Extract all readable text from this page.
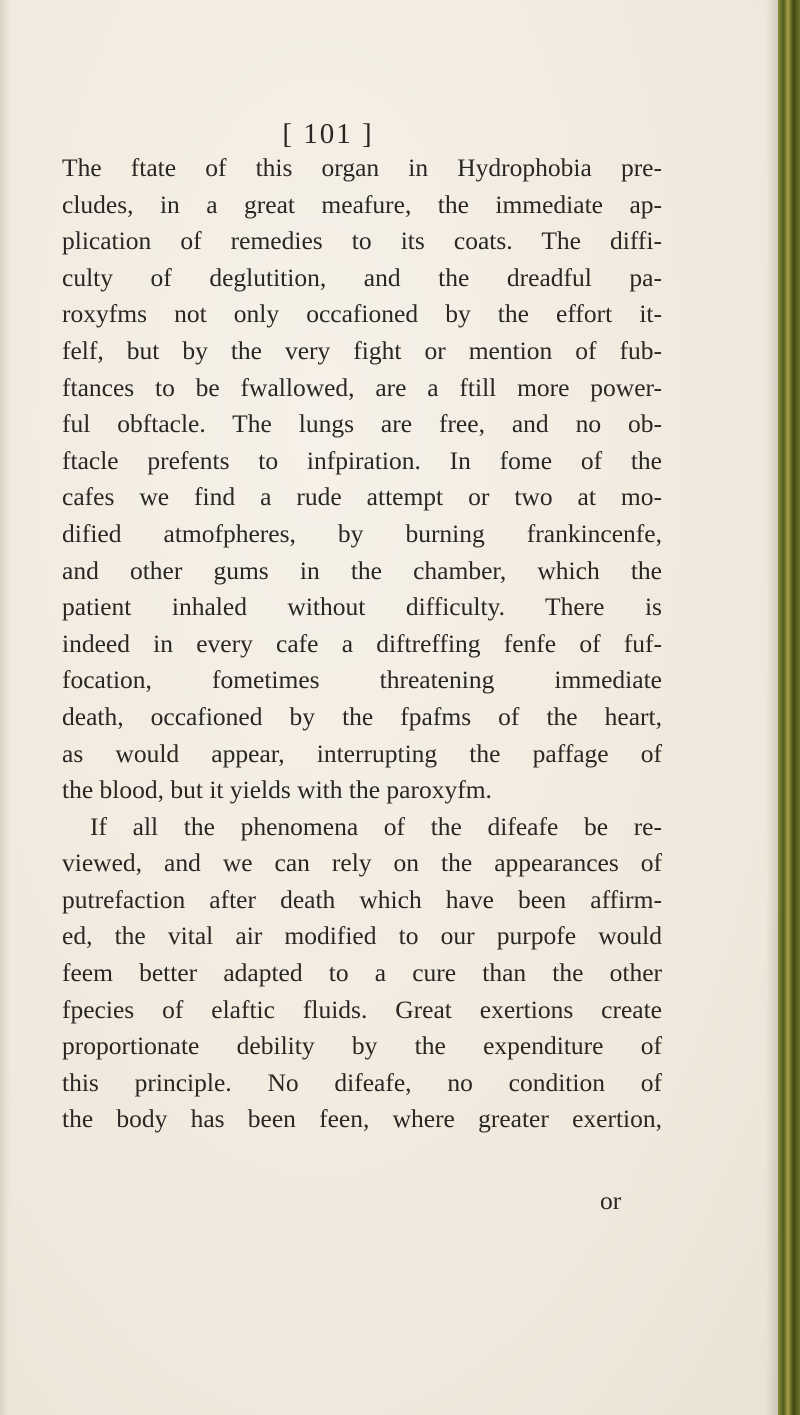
[ 101 ]
The ftate of this organ in Hydrophobia pre-
cludes, in a great meafure, the immediate ap-
plication of remedies to its coats. The diffi-
culty of deglutition, and the dreadful pa-
roxyfms not only occafioned by the effort it-
felf, but by the very fight or mention of fub-
ftances to be fwallowed, are a ftill more power-
ful obftacle. The lungs are free, and no ob-
ftacle prefents to infpiration. In fome of the
cafes we find a rude attempt or two at mo-
dified atmofpheres, by burning frankincenfe,
and other gums in the chamber, which the
patient inhaled without difficulty. There is
indeed in every cafe a diftreffing fenfe of fuf-
focation, fometimes threatening immediate
death, occafioned by the fpafms of the heart,
as would appear, interrupting the paffage of
the blood, but it yields with the paroxyfm.
If all the phenomena of the difeafe be re-
viewed, and we can rely on the appearances of
putrefaction after death which have been affirm-
ed, the vital air modified to our purpofe would
feem better adapted to a cure than the other
fpecies of elaftic fluids. Great exertions create
proportionate debility by the expenditure of
this principle. No difeafe, no condition of
the body has been feen, where greater exertion,
or
